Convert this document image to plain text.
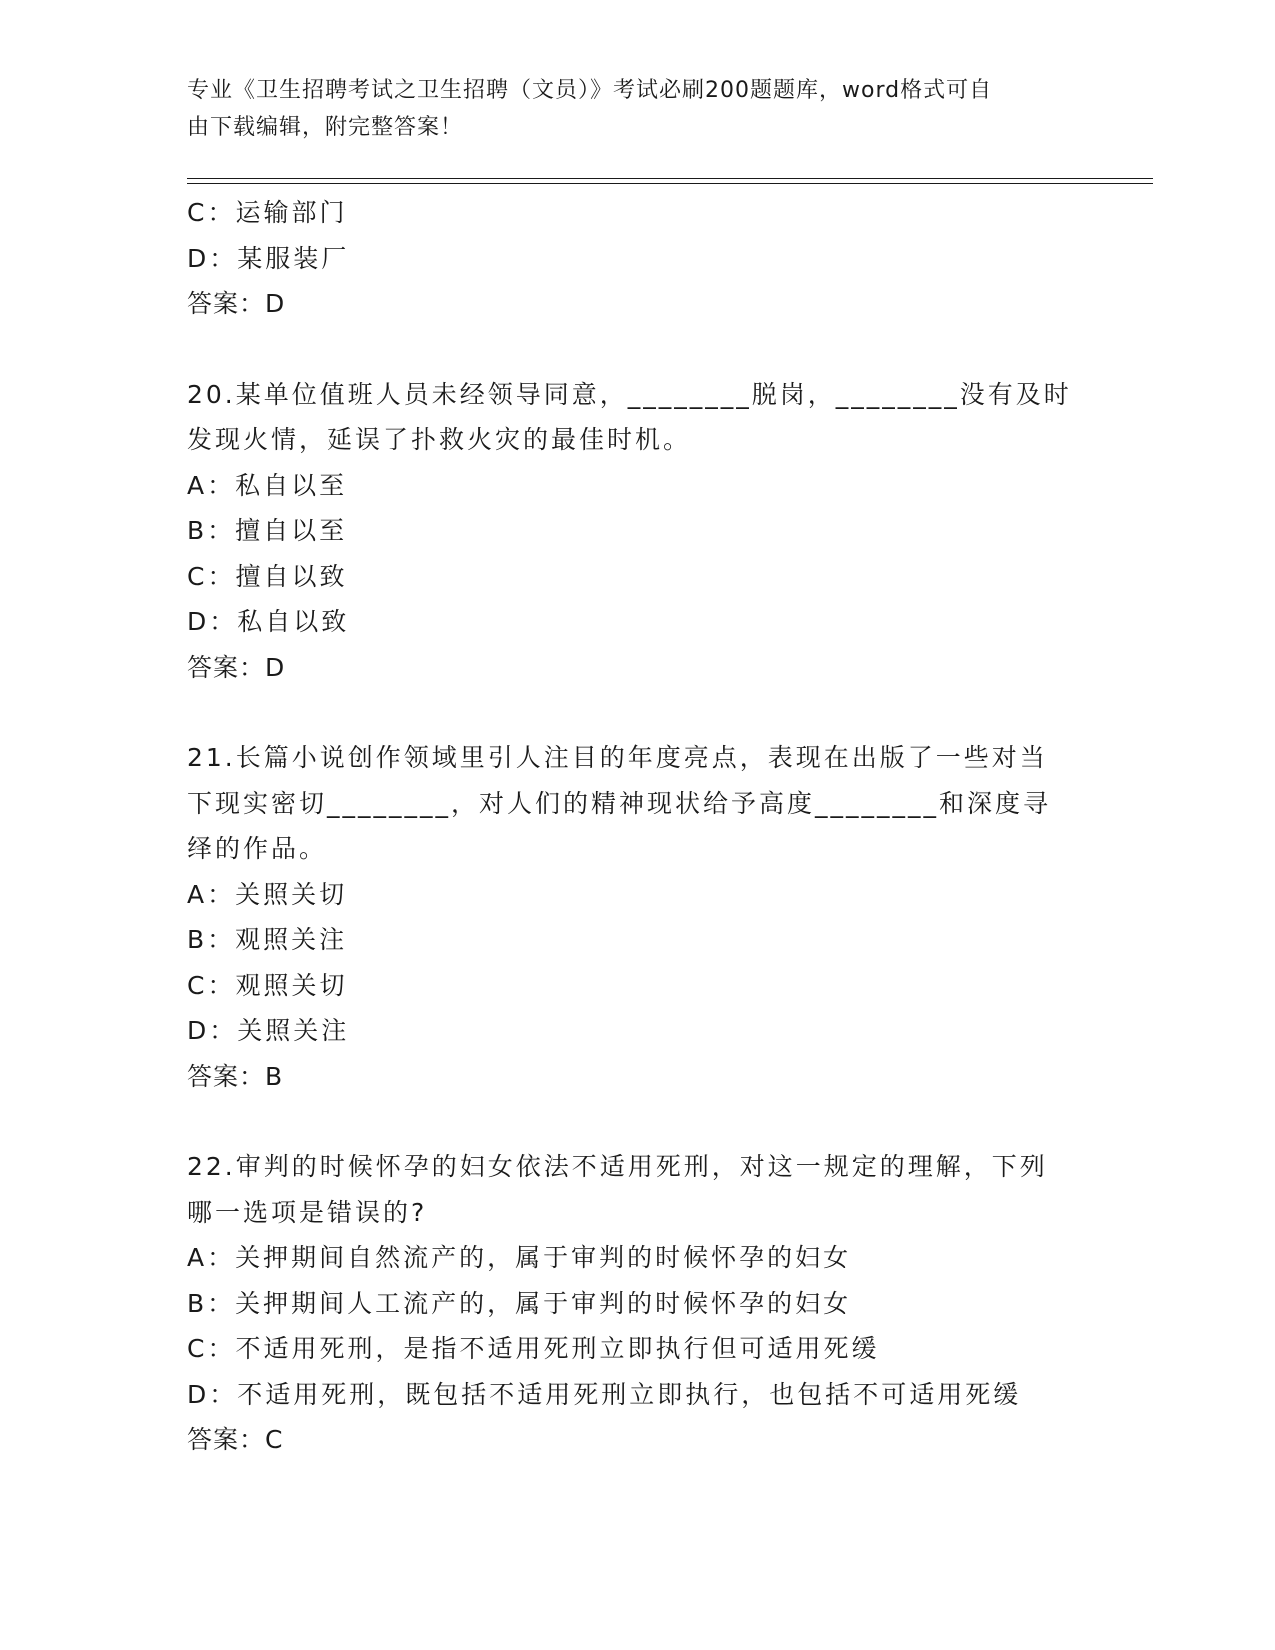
专业《卫生招聘考试之卫生招聘（文员）》考试必刷200题题库，word格式可自
由下载编辑，附完整答案！
C：运输部门
D：某服装厂
答案：D
20.某单位值班人员未经领导同意，________脱岗，________没有及时
发现火情，延误了扑救火灾的最佳时机。
A：私自以至
B：擅自以至
C：擅自以致
D：私自以致
答案：D
21.长篇小说创作领域里引人注目的年度亮点，表现在出版了一些对当
下现实密切________，对人们的精神现状给予高度________和深度寻
绎的作品。
A：关照关切
B：观照关注
C：观照关切
D：关照关注
答案：B
22.审判的时候怀孕的妇女依法不适用死刑，对这一规定的理解，下列
哪一选项是错误的?
A：关押期间自然流产的，属于审判的时候怀孕的妇女
B：关押期间人工流产的，属于审判的时候怀孕的妇女
C：不适用死刑，是指不适用死刑立即执行但可适用死缓
D：不适用死刑，既包括不适用死刑立即执行，也包括不可适用死缓
答案：C
